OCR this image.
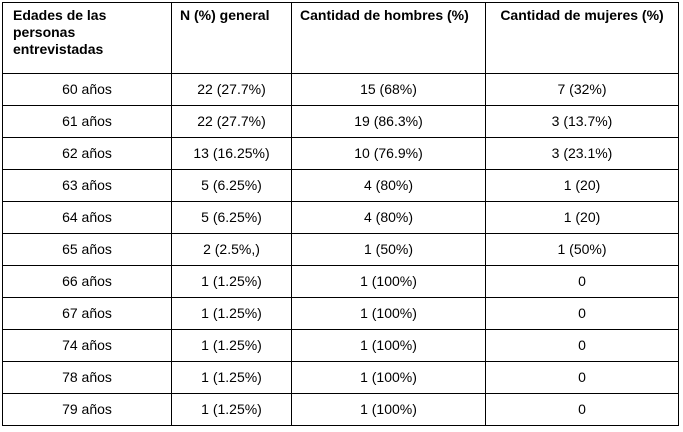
Edades de las personas entrevistadas	N (%) general	Cantidad de hombres (%)	Cantidad de mujeres (%)
60 años	22 (27.7%)	15 (68%)	7 (32%)
61 años	22 (27.7%)	19 (86.3%)	3 (13.7%)
62 años	13 (16.25%)	10 (76.9%)	3 (23.1%)
63 años	5 (6.25%)	4 (80%)	1 (20)
64 años	5 (6.25%)	4 (80%)	1 (20)
65 años	2 (2.5%,)	1 (50%)	1 (50%)
66 años	1 (1.25%)	1 (100%)	0
67 años	1 (1.25%)	1 (100%)	0
74 años	1 (1.25%)	1 (100%)	0
78 años	1 (1.25%)	1 (100%)	0
79 años	1 (1.25%)	1 (100%)	0
